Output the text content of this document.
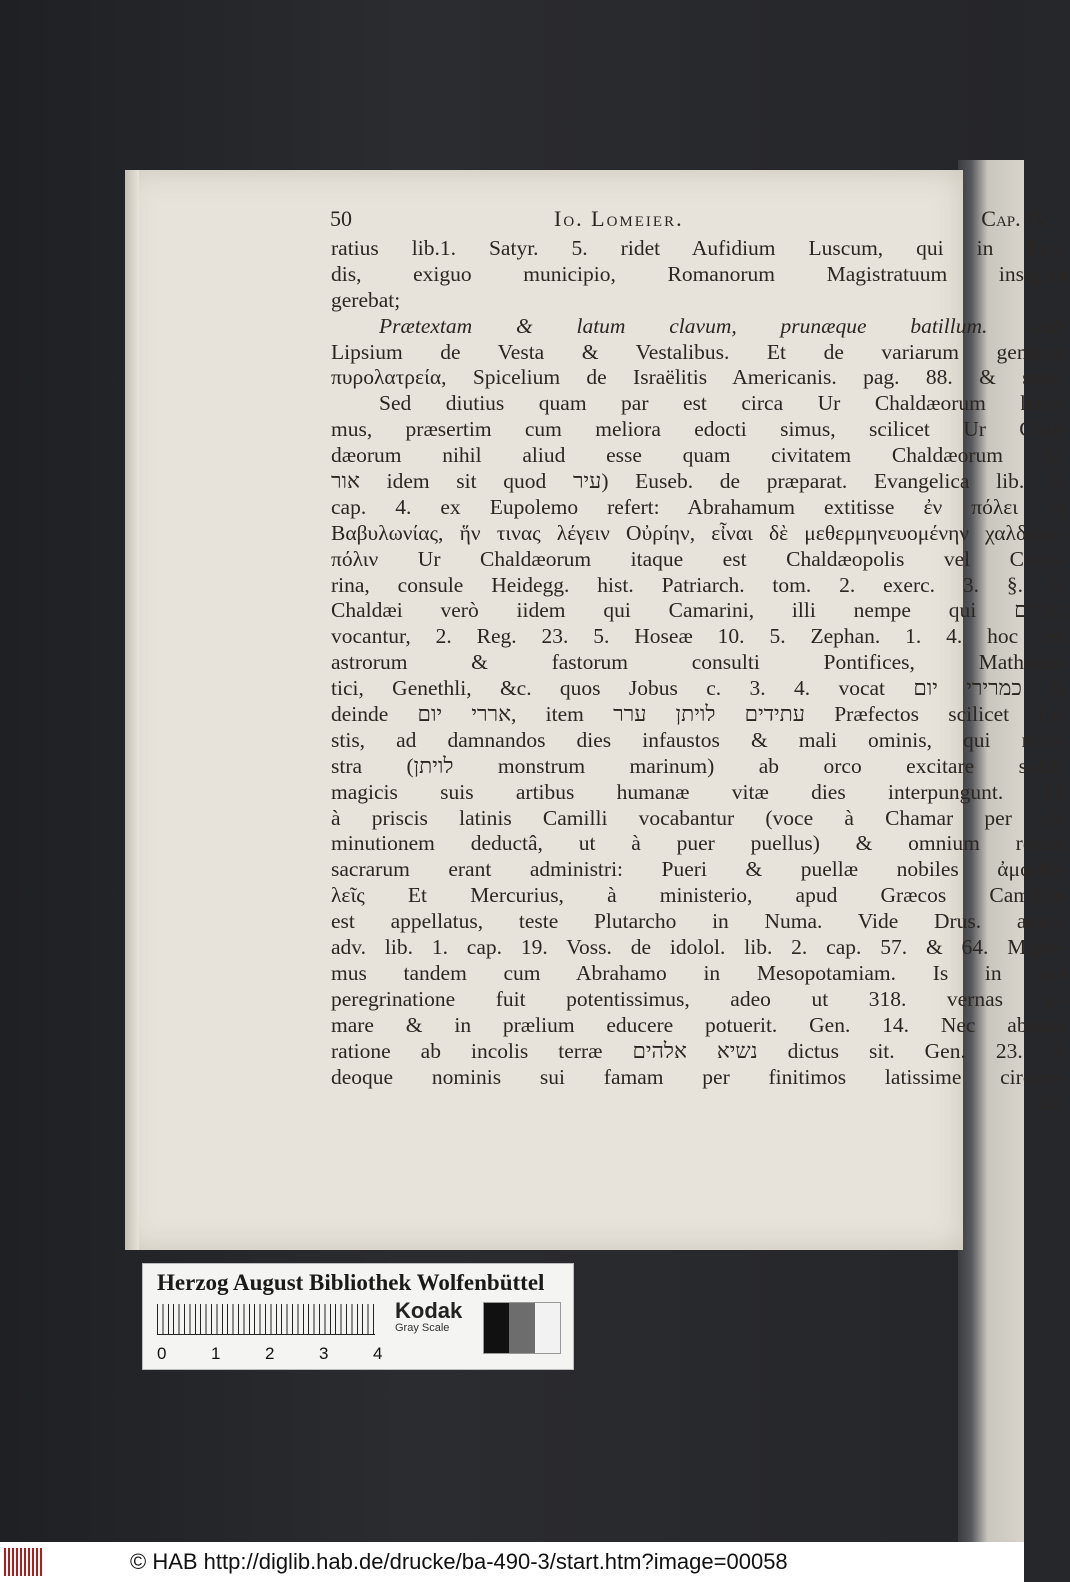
50	Io. Lomeier.	Cap. IV.
ratius lib.1. Satyr. 5. ridet Aufidium Luscum, qui in Fun-
dis, exiguo municipio, Romanorum Magistratuum insignia
gerebat;
Prætextam & latum clavum, prunæque batillum. vide
Lipsium de Vesta & Vestalibus. Et de variarum gentium
πυρολατρεία, Spicelium de Israëlitis Americanis. pag. 88. & seqq.
Sed diutius quam par est circa Ur Chaldæorum hæsi-
mus, præsertim cum meliora edocti simus, scilicet Ur Chal-
dæorum nihil aliud esse quam civitatem Chaldæorum (q.
אור idem sit quod עיר) Euseb. de præparat. Evangelica lib. 9.
cap. 4. ex Eupolemo refert: Abrahamum extitisse ἐν πόλει τῆ
Βαβυλωνίας, ἥν τινας λέγειν Οὐρίην, εἶναι δὲ μεθερμηνευομένην χαλδαίων
πόλιν Ur Chaldæorum itaque est Chaldæopolis vel Cama-
rina, consule Heidegg. hist. Patriarch. tom. 2. exerc. 3. §. 5.
Chaldæi verò iidem qui Camarini, illi nempe qui כמרים
vocantur, 2. Reg. 23. 5. Hoseæ 10. 5. Zephan. 1. 4. hoc est
astrorum & fastorum consulti Pontifices, Mathema-
tici, Genethli, &c. quos Jobus c. 3. 4. vocat כמרירי יום &
deinde אררי יום, item עתידים לויתן ערר Præfectos scilicet Fa-
stis, ad damnandos dies infaustos & mali ominis, qui mon-
stra (לויתן monstrum marinum) ab orco excitare soliti,
magicis suis artibus humanæ vitæ dies interpungunt. Hi
à priscis latinis Camilli vocabantur (voce à Chamar per di-
minutionem deductâ, ut à puer puellus) & omnium rerum
sacrarum erant administri: Pueri & puellæ nobiles ἀμφιθα-
λεῖς Et Mercurius, à ministerio, apud Græcos Camillus
est appellatus, teste Plutarcho in Numa. Vide Drus. anim-
adv. lib. 1. cap. 19. Voss. de idolol. lib. 2. cap. 57. & 64. Migre-
mus tandem cum Abrahamo in Mesopotamiam. Is in sua
peregrinatione fuit potentissimus, adeo ut 318. vernas ar-
mare & in prælium educere potuerit. Gen. 14. Nec absque
ratione ab incolis terræ נשיא אלהים dictus sit. Gen. 23. I-
deoque nominis sui famam per finitimos latissime circum-
tulit.
Herzog August Bibliothek Wolfenbüttel
0	1	2	3	4
Kodak
Gray Scale
© HAB http://diglib.hab.de/drucke/ba-490-3/start.htm?image=00058
